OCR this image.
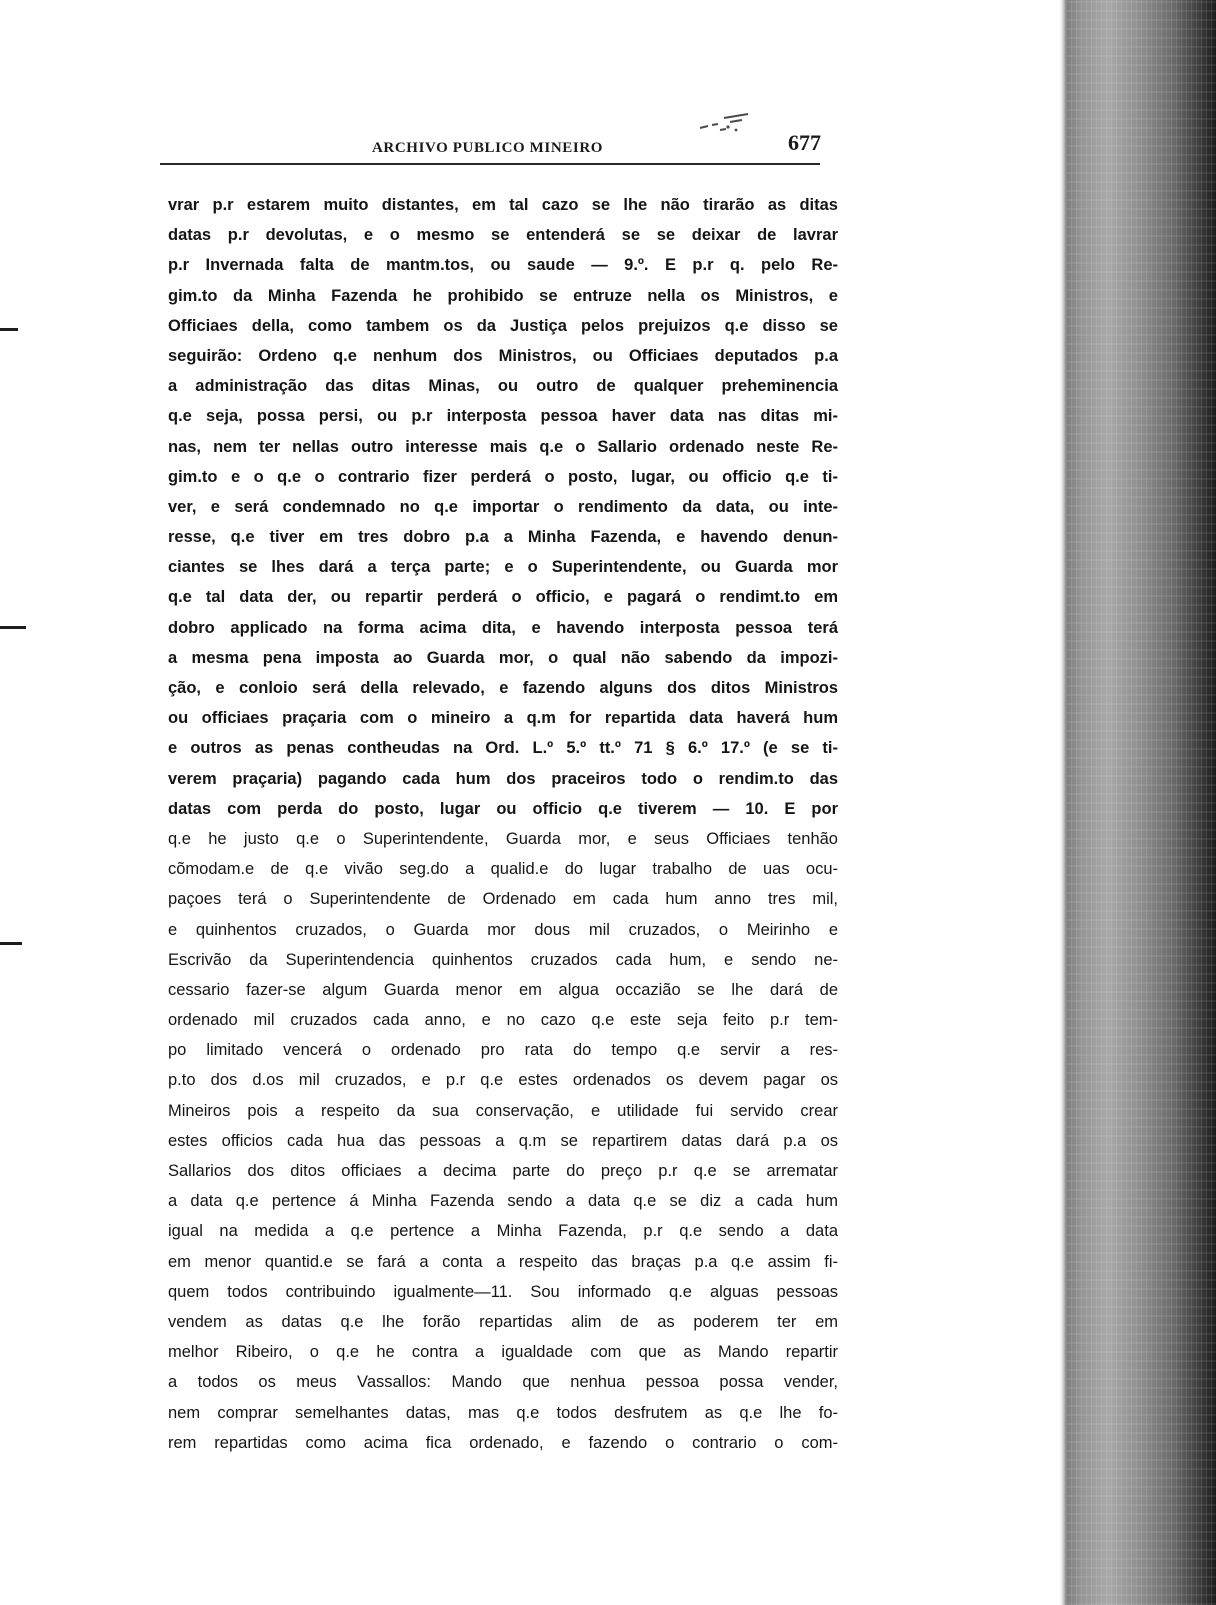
ARCHIVO PUBLICO MINEIRO	677
vrar p.r estarem muito distantes, em tal cazo se lhe não tirarão as ditas
datas p.r devolutas, e o mesmo se entenderá se se deixar de lavrar
p.r Invernada falta de mantm.tos, ou saude — 9.º. E p.r q. pelo Re-
gim.to da Minha Fazenda he prohibido se entruze nella os Ministros, e
Officiaes della, como tambem os da Justiça pelos prejuizos q.e disso se
seguirão: Ordeno q.e nenhum dos Ministros, ou Officiaes deputados p.a
a administração das ditas Minas, ou outro de qualquer preheminencia
q.e seja, possa persi, ou p.r interposta pessoa haver data nas ditas mi-
nas, nem ter nellas outro interesse mais q.e o Sallario ordenado neste Re-
gim.to e o q.e o contrario fizer perderá o posto, lugar, ou officio q.e ti-
ver, e será condemnado no q.e importar o rendimento da data, ou inte-
resse, q.e tiver em tres dobro p.a a Minha Fazenda, e havendo denun-
ciantes se lhes dará a terça parte; e o Superintendente, ou Guarda mor
q.e tal data der, ou repartir perderá o officio, e pagará o rendimt.to em
dobro applicado na forma acima dita, e havendo interposta pessoa terá
a mesma pena imposta ao Guarda mor, o qual não sabendo da impozi-
ção, e conloio será della relevado, e fazendo alguns dos ditos Ministros
ou officiaes praçaria com o mineiro a q.m for repartida data haverá hum
e outros as penas contheudas na Ord. L.º 5.º tt.º 71 § 6.º 17.º (e se ti-
verem praçaria) pagando cada hum dos praceiros todo o rendim.to das
datas com perda do posto, lugar ou officio q.e tiverem — 10. E por
q.e he justo q.e o Superintendente, Guarda mor, e seus Officiaes tenhão
cõmodam.e de q.e vivão seg.do a qualid.e do lugar trabalho de uas ocu-
paçoes terá o Superintendente de Ordenado em cada hum anno tres mil,
e quinhentos cruzados, o Guarda mor dous mil cruzados, o Meirinho e
Escrivão da Superintendencia quinhentos cruzados cada hum, e sendo ne-
cessario fazer-se algum Guarda menor em algua occazião se lhe dará de
ordenado mil cruzados cada anno, e no cazo q.e este seja feito p.r tem-
po limitado vencerá o ordenado pro rata do tempo q.e servir a res-
p.to dos d.os mil cruzados, e p.r q.e estes ordenados os devem pagar os
Mineiros pois a respeito da sua conservação, e utilidade fui servido crear
estes officios cada hua das pessoas a q.m se repartirem datas dará p.a os
Sallarios dos ditos officiaes a decima parte do preço p.r q.e se arrematar
a data q.e pertence á Minha Fazenda sendo a data q.e se diz a cada hum
igual na medida a q.e pertence a Minha Fazenda, p.r q.e sendo a data
em menor quantid.e se fará a conta a respeito das braças p.a q.e assim fi-
quem todos contribuindo igualmente—11. Sou informado q.e alguas pessoas
vendem as datas q.e lhe forão repartidas alim de as poderem ter em
melhor Ribeiro, o q.e he contra a igualdade com que as Mando repartir
a todos os meus Vassallos: Mando que nenhua pessoa possa vender,
nem comprar semelhantes datas, mas q.e todos desfrutem as q.e lhe fo-
rem repartidas como acima fica ordenado, e fazendo o contrario o com-
